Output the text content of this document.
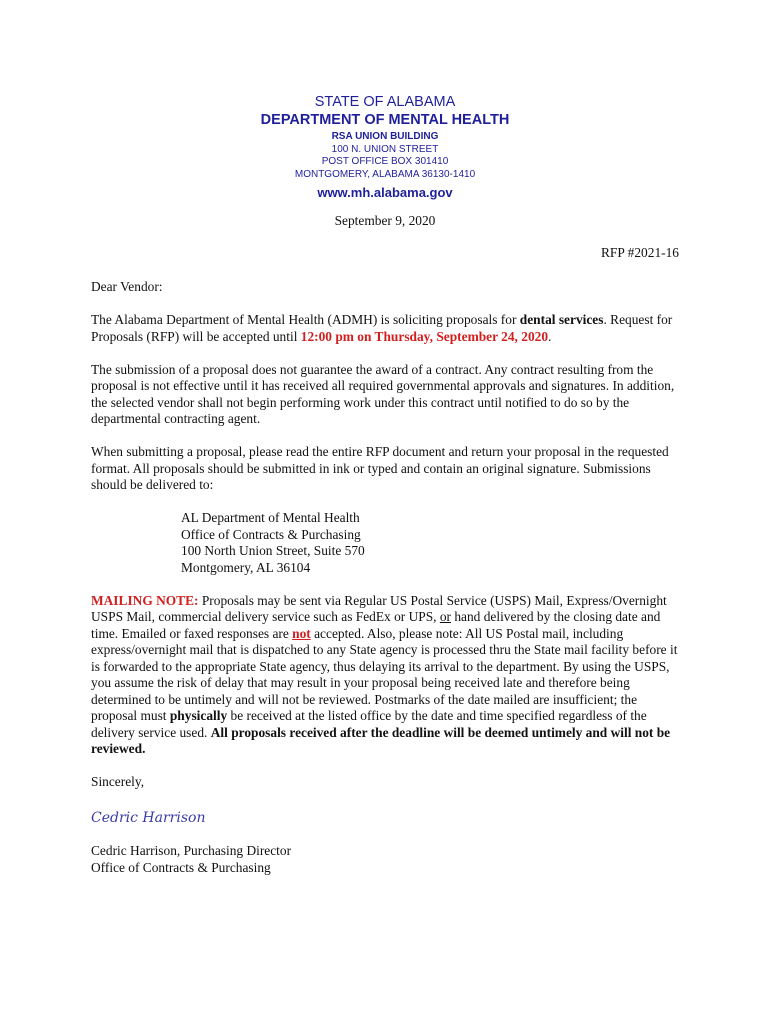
STATE OF ALABAMA
DEPARTMENT OF MENTAL HEALTH
RSA UNION BUILDING
100 N. UNION STREET
POST OFFICE BOX 301410
MONTGOMERY, ALABAMA 36130-1410
www.mh.alabama.gov
September 9, 2020
RFP #2021-16

Dear Vendor:

The Alabama Department of Mental Health (ADMH) is soliciting proposals for dental services. Request for Proposals (RFP) will be accepted until 12:00 pm on Thursday, September 24, 2020.

The submission of a proposal does not guarantee the award of a contract. Any contract resulting from the proposal is not effective until it has received all required governmental approvals and signatures. In addition, the selected vendor shall not begin performing work under this contract until notified to do so by the departmental contracting agent.

When submitting a proposal, please read the entire RFP document and return your proposal in the requested format. All proposals should be submitted in ink or typed and contain an original signature. Submissions should be delivered to:

AL Department of Mental Health
Office of Contracts & Purchasing
100 North Union Street, Suite 570
Montgomery, AL 36104

MAILING NOTE: Proposals may be sent via Regular US Postal Service (USPS) Mail, Express/Overnight USPS Mail, commercial delivery service such as FedEx or UPS, or hand delivered by the closing date and time. Emailed or faxed responses are not accepted. Also, please note: All US Postal mail, including express/overnight mail that is dispatched to any State agency is processed thru the State mail facility before it is forwarded to the appropriate State agency, thus delaying its arrival to the department. By using the USPS, you assume the risk of delay that may result in your proposal being received late and therefore being determined to be untimely and will not be reviewed. Postmarks of the date mailed are insufficient; the proposal must physically be received at the listed office by the date and time specified regardless of the delivery service used. All proposals received after the deadline will be deemed untimely and will not be reviewed.

Sincerely,

Cedric Harrison
Cedric Harrison, Purchasing Director
Office of Contracts & Purchasing
